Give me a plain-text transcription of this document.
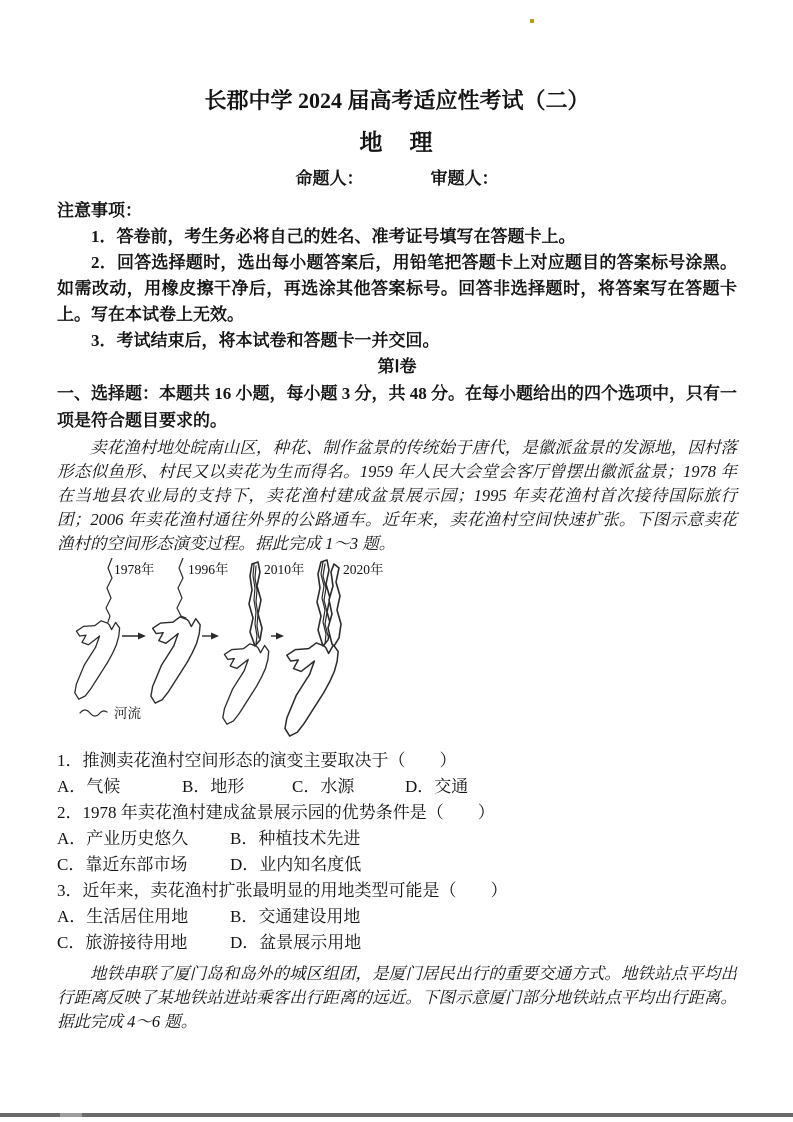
长郡中学 2024 届高考适应性考试（二）
地　理
命题人：	审题人：
注意事项：

1．答卷前，考生务必将自己的姓名、准考证号填写在答题卡上。

2．回答选择题时，选出每小题答案后，用铅笔把答题卡上对应题目的答案标号涂黑。如需改动，用橡皮擦干净后，再选涂其他答案标号。回答非选择题时，将答案写在答题卡上。写在本试卷上无效。

3．考试结束后，将本试卷和答题卡一并交回。

第Ⅰ卷

一、选择题：本题共 16 小题，每小题 3 分，共 48 分。在每小题给出的四个选项中，只有一项是符合题目要求的。

卖花渔村地处皖南山区，种花、制作盆景的传统始于唐代，是徽派盆景的发源地，因村落形态似鱼形、村民又以卖花为生而得名。1959 年人民大会堂会客厅曾摆出徽派盆景；1978 年在当地县农业局的支持下，卖花渔村建成盆景展示园；1995 年卖花渔村首次接待国际旅行团；2006 年卖花渔村通往外界的公路通车。近年来，卖花渔村空间快速扩张。下图示意卖花渔村的空间形态演变过程。据此完成 1～3 题。

1978年 1996年	2010年	2020年
河流
1．推测卖花渔村空间形态的演变主要取决于（　　）
A．气候	B．地形	C．水源	D．交通
2．1978 年卖花渔村建成盆景展示园的优势条件是（　　）
A．产业历史悠久 B．种植技术先进
C．靠近东部市场	D．业内知名度低
3．近年来，卖花渔村扩张最明显的用地类型可能是（　　）
A．生活居住用地 B．交通建设用地
C．旅游接待用地	D．盆景展示用地

地铁串联了厦门岛和岛外的城区组团，是厦门居民出行的重要交通方式。地铁站点平均出行距离反映了某地铁站进站乘客出行距离的远近。下图示意厦门部分地铁站点平均出行距离。据此完成 4～6 题。
